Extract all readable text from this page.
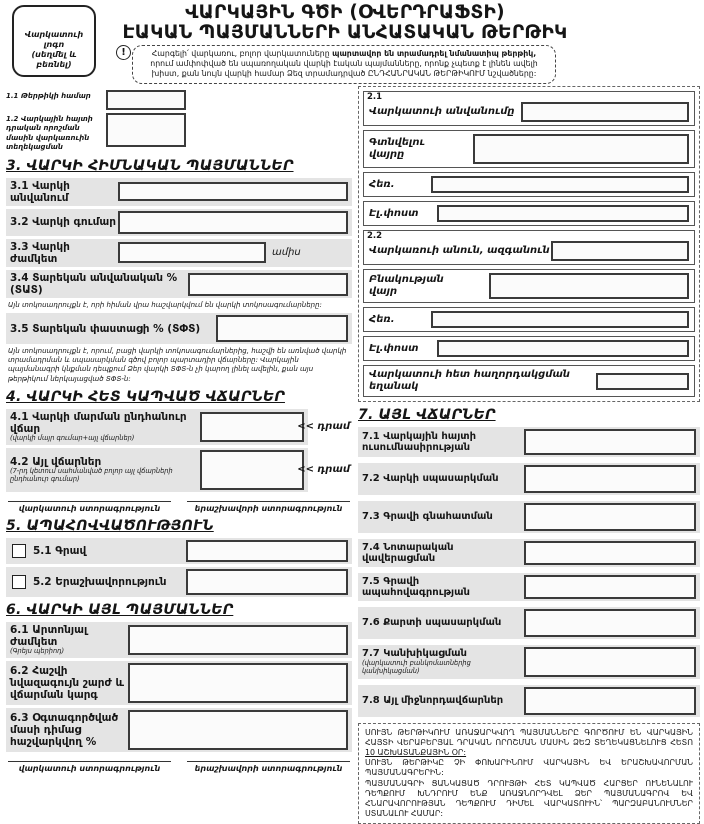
Վարկատուի լոգո
(սեղմել և բեռնել)
ՎԱՐԿԱՅԻՆ ԳԾԻ (ՕՎԵՐԴՐԱՖՏԻ)
ԷԱԿԱՆ ՊԱՅՄԱՆՆԵՐԻ ԱՆՀԱՏԱԿԱՆ ԹԵՐԹԻԿ
!	Հարգելի՛ վարկառու, բոլոր վարկատուները պարտավոր են տրամադրել նմանատիպ թերթիկ, որում ամփոփված են սպառողական վարկի էական պայմանները, որոնք չպետք է լինեն ավելի խիստ, քան նույն վարկի համար Ձեզ տրամադրված ԸՆԴՀԱՆՐԱԿԱՆ ԹԵՐԹԻԿՈՒՄ նշվածները:
1.1 Թերթիկի համար
1.2 Վարկային հայտի դրական որոշման մասին վարկառուին տեղեկացման
3. ՎԱՐԿԻ ՀԻՄՆԱԿԱՆ ՊԱՅՄԱՆՆԵՐ
3.1 Վարկի անվանում
3.2 Վարկի գումար
3.3 Վարկի ժամկետ	ամիս
3.4 Տարեկան անվանական % (ՏԱՏ)
Այն տոկոսադրույքն է, որի հիման վրա հաշվարկվում են վարկի տոկոսագումարները:
3.5 Տարեկան փաստացի % (ՏՓՏ)
Այն տոկոսադրույքն է, որում, բացի վարկի տոկոսագումարներից, հաշվի են առնված վարկի տրամադրման և սպասարկման գծով բոլոր պարտադիր վճարները: Վարկային պայմանագրի կնքման դեպքում Ձեր վարկի ՏՓՏ-ն չի կարող լինել ավելին, քան այս թերթիկում ներկայացված ՏՓՏ-ն:
4. ՎԱՐԿԻ ՀԵՏ ԿԱՊՎԱԾ ՎՃԱՐՆԵՐ
4.1 Վարկի մարման ընդհանուր վճար
(վարկի մայր գումար+այլ վճարներ)
<< դրամ
4.2 Այլ վճարներ
(7-րդ կետում սահմանված բոլոր այլ վճարների ընդհանուր գումար)
<< դրամ
վարկատուի ստորագրություն	երաշխավորի ստորագրություն
5. ԱՊԱՀՈՎՎԱԾՈՒԹՅՈՒՆ
5.1 Գրավ
5.2 Երաշխավորություն
6. ՎԱՐԿԻ ԱՅԼ ՊԱՅՄԱՆՆԵՐ
6.1 Արտոնյալ ժամկետ
(Գրեյս պերիոդ)
6.2 Հաշվի նվազագույն շարժ և վճարման կարգ
6.3 Օգտագործված մասի դիմաց հաշվարկվող %
վարկատուի ստորագրություն	երաշխավորի ստորագրություն
2.1
Վարկատուի անվանումը
Գտնվելու վայրը
Հեռ.
Էլ.փոստ
2.2
Վարկառուի անուն, ազգանուն
Բնակության վայր
Հեռ.
Էլ.փոստ
Վարկատուի հետ հաղորդակցման եղանակ
7. ԱՅԼ ՎՃԱՐՆԵՐ
7.1 Վարկային հայտի ուսումնասիրության
7.2 Վարկի սպասարկման
7.3 Գրավի գնահատման
7.4 Նոտարական վավերացման
7.5 Գրավի ապահովագրության
7.6 Քարտի սպասարկման
7.7 Կանխիկացման
(վարկատուի բանկոմատներից կանխիկացման)
7.8 Այլ միջնորդավճարներ

ՍՈՒՅՆ ԹԵՐԹԻԿՈՒՄ ԱՌԱՋԱՐԿՎՈՂ ՊԱՅՄԱՆՆԵՐԸ ԳՈՐԾՈՒՄ ԵՆ ՎԱՐԿԱՅԻՆ ՀԱՅՏԻ ՎԵՐԱԲԵՐՅԱԼ ԴՐԱԿԱՆ ՈՐՈՇՄԱՆ ՄԱՍԻՆ ՁԵԶ ՏԵՂԵԿԱՑՆԵԼՈՒՑ ՀԵՏՈ 10 ԱՇԽԱՏԱՆՔԱՅԻՆ ՕՐ:

ՍՈՒՅՆ ԹԵՐԹԻԿԸ ՉԻ ՓՈԽԱՐԻՆՈՒՄ ՎԱՐԿԱՅԻՆ ԵՎ ԵՐԱՇԽԱՎՈՐՄԱՆ ՊԱՅՄԱՆԱԳՐԵՐԻՆ:

ՊԱՅՄԱՆԱԳՐԻ ՑԱՆԿԱՑԱԾ ԴՐՈՒՅԹԻ ՀԵՏ ԿԱՊՎԱԾ ՀԱՐՑԵՐ ՈՒՆԵՆԱԼՈՒ ԴԵՊՔՈՒՄ ԽՆԴՐՈՒՄ ԵՆՔ ԱՌԱՋՆՈՐԴՎԵԼ ՁԵՐ ՊԱՅՄԱՆԱԳՐՈՎ ԵՎ ՀՆԱՐԱՎՈՐՈՒԹՅԱՆ ԴԵՊՔՈՒՄ ԴԻՄԵԼ ՎԱՐԿԱՏՈՒԻՆ՝ ՊԱՐԶԱԲԱՆՈՒՄՆԵՐ ՍՏԱՆԱԼՈՒ ՀԱՄԱՐ:
